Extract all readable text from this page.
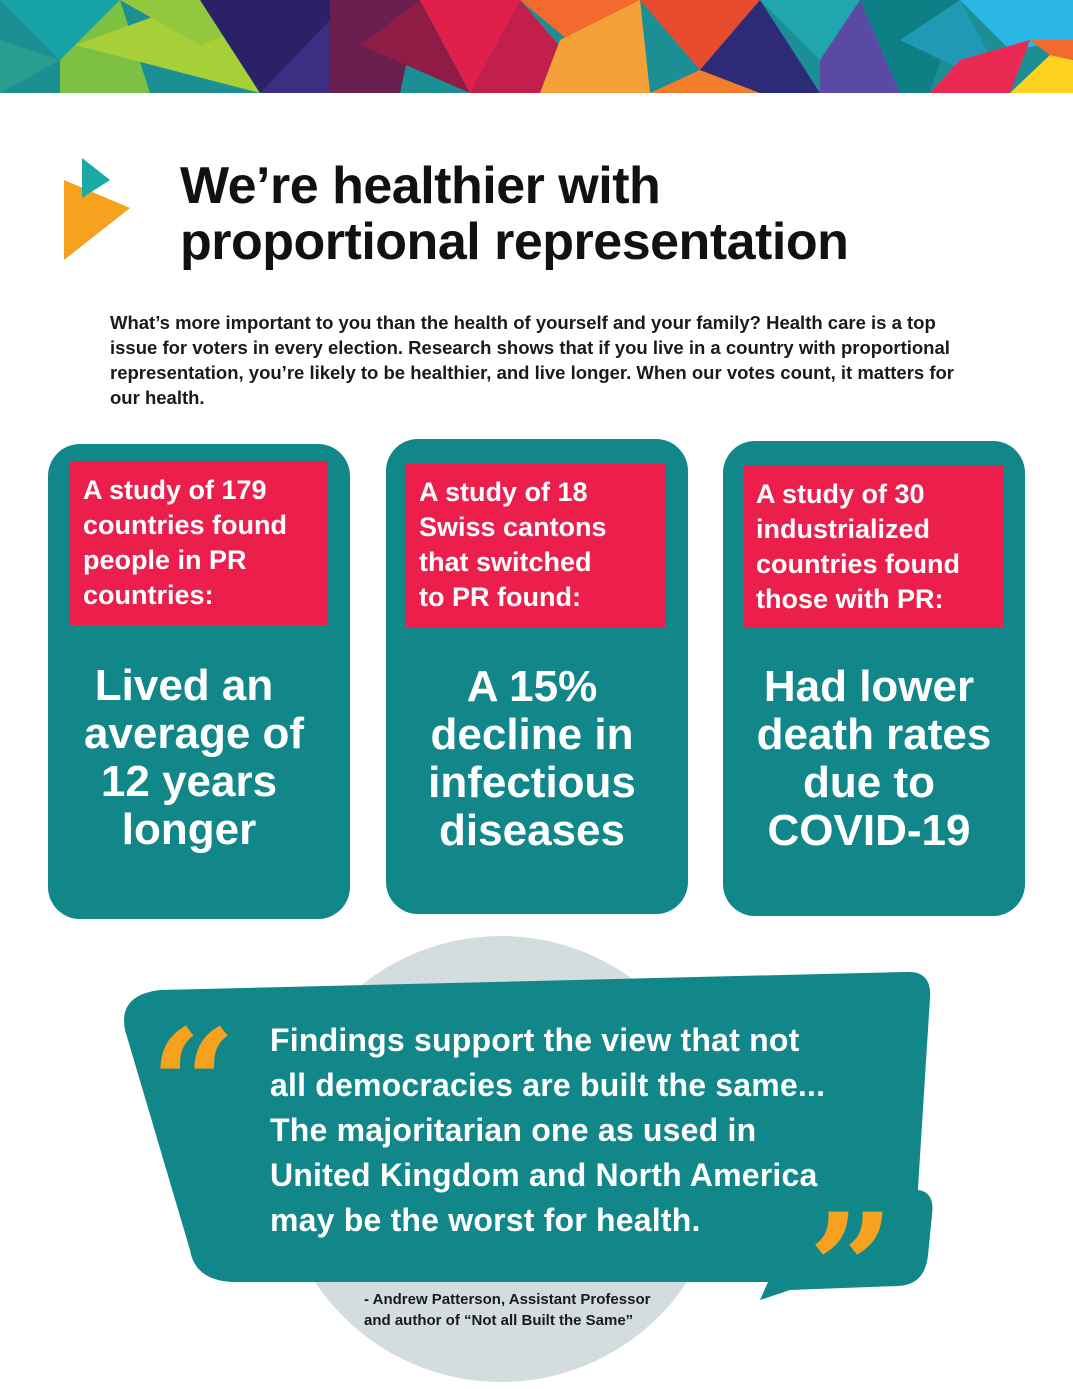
We’re healthier with
proportional representation

What’s more important to you than the health of yourself and your family? Health care is a top issue for voters in every election. Research shows that if you live in a country with proportional representation, you’re likely to be healthier, and live longer. When our votes count, it matters for our health.

A study of 179
countries found
people in PR
countries:
Lived an
average of
12 years
longer
A study of 18
Swiss cantons
that switched
to PR found:
A 15%
decline in
infectious
diseases
A study of 30
industrialized
countries found
those with PR:
Had lower
death rates
due to
COVID-19
“
”

Findings support the view that not
all democracies are built the same...
The majoritarian one as used in
United Kingdom and North America
may be the worst for health.

- Andrew Patterson, Assistant Professor
and author of “Not all Built the Same”
